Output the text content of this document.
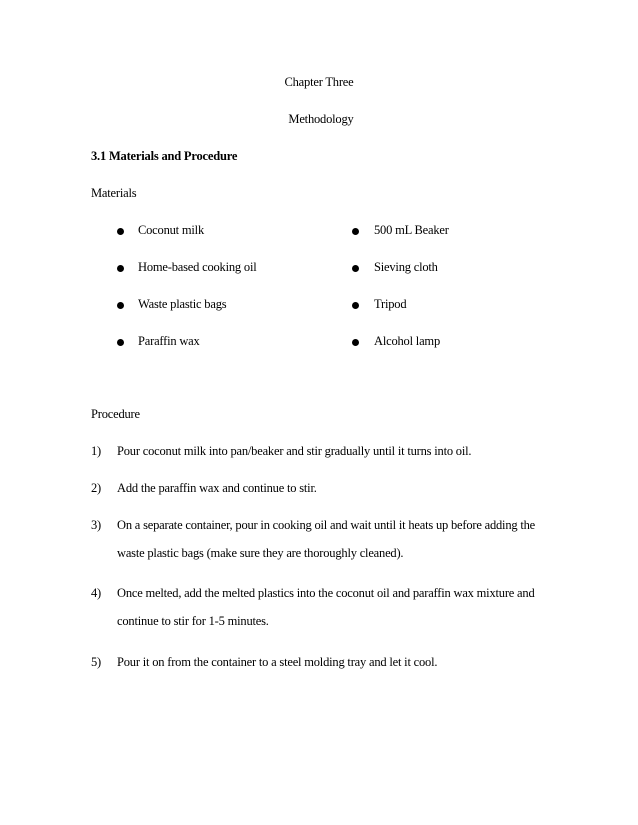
Chapter Three
Methodology
3.1 Materials and Procedure
Materials
Coconut milk
Home-based cooking oil
Waste plastic bags
Paraffin wax
500 mL Beaker
Sieving cloth
Tripod
Alcohol lamp
Procedure
1) Pour coconut milk into pan/beaker and stir gradually until it turns into oil.
2) Add the paraffin wax and continue to stir.
3) On a separate container, pour in cooking oil and wait until it heats up before adding the
waste plastic bags (make sure they are thoroughly cleaned).
4) Once melted, add the melted plastics into the coconut oil and paraffin wax mixture and
continue to stir for 1-5 minutes.
5) Pour it on from the container to a steel molding tray and let it cool.
